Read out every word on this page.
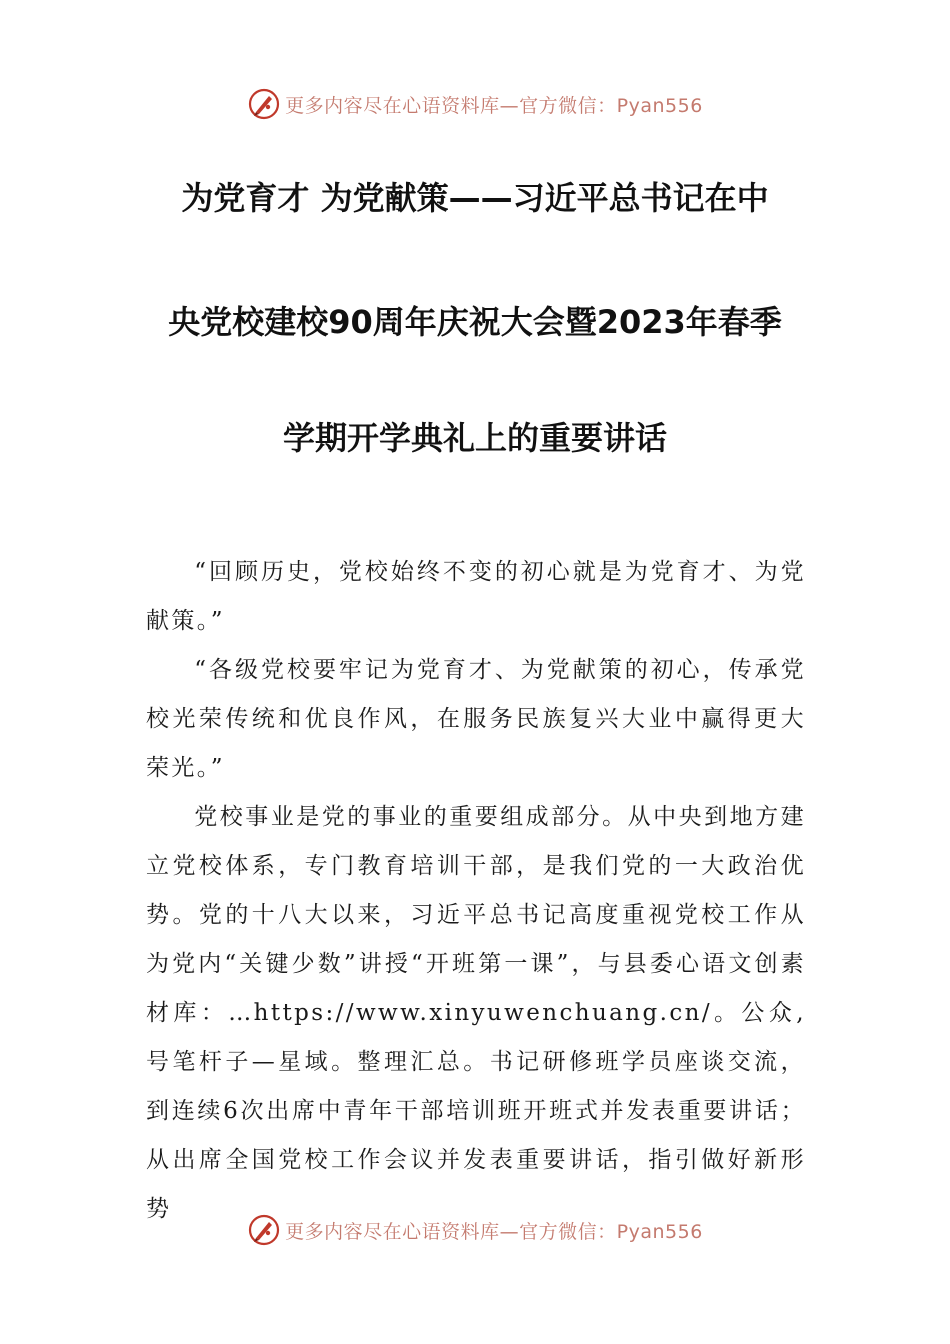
更多内容尽在心语资料库—官方微信：Pyan556
为党育才 为党献策——习近平总书记在中
央党校建校90周年庆祝大会暨2023年春季
学期开学典礼上的重要讲话

“回顾历史，党校始终不变的初心就是为党育才、为党献策。”

“各级党校要牢记为党育才、为党献策的初心，传承党校光荣传统和优良作风，在服务民族复兴大业中赢得更大荣光。”

党校事业是党的事业的重要组成部分。从中央到地方建立党校体系，专门教育培训干部，是我们党的一大政治优势。党的十八大以来，习近平总书记高度重视党校工作从为党内“关键少数”讲授“开班第一课”，与县委心语文创素材库：…https://www.xinyuwenchuang.cn/。公众,号笔杆子—星域。整理汇总。书记研修班学员座谈交流，到连续6次出席中青年干部培训班开班式并发表重要讲话；从出席全国党校工作会议并发表重要讲话，指引做好新形势

更多内容尽在心语资料库—官方微信：Pyan556
